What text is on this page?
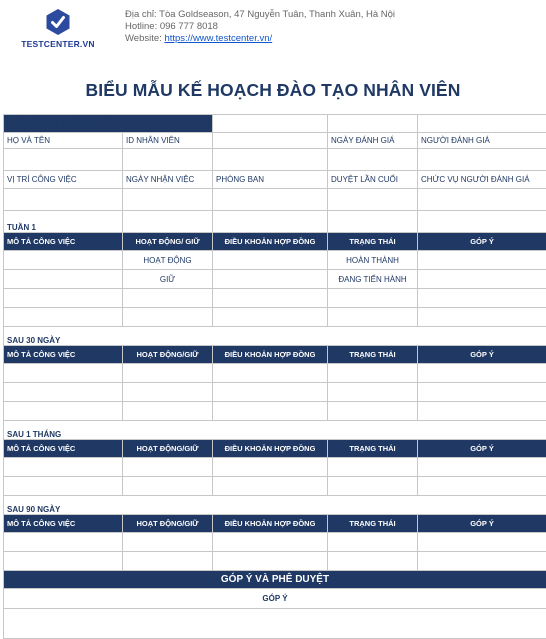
TESTCENTER.VN
Địa chỉ: Tòa Goldseason, 47 Nguyễn Tuân, Thanh Xuân, Hà Nội
Hotline: 096 777 8018
Website: https://www.testcenter.vn/
BIỂU MẪU KẾ HOẠCH ĐÀO TẠO NHÂN VIÊN
THÔNG TIN NHÂN VIÊN				
HỌ VÀ TÊN	ID NHÂN VIÊN		NGÀY ĐÁNH GIÁ	NGƯỜI ĐÁNH GIÁ

VỊ TRÍ CÔNG VIỆC	NGÀY NHẬN VIỆC	PHÒNG BAN	DUYỆT LẦN CUỐI	CHỨC VỤ NGƯỜI ĐÁNH GIÁ

TUẦN 1				
MÔ TẢ CÔNG VIỆC	HOẠT ĐỘNG/ GIỮ	ĐIỀU KHOẢN HỢP ĐỒNG	TRẠNG THÁI	GÓP Ý
	HOẠT ĐỘNG		HOÀN THÀNH	
	GIỮ		ĐANG TIẾN HÀNH	

SAU 30 NGÀY				
MÔ TẢ CÔNG VIỆC	HOẠT ĐỘNG/GIỮ	ĐIỀU KHOẢN HỢP ĐỒNG	TRẠNG THÁI	GÓP Ý

SAU 1 THÁNG				
MÔ TẢ CÔNG VIỆC	HOẠT ĐỘNG/GIỮ	ĐIỀU KHOẢN HỢP ĐỒNG	TRẠNG THÁI	GÓP Ý

SAU 90 NGÀY				
MÔ TẢ CÔNG VIỆC	HOẠT ĐỘNG/GIỮ	ĐIỀU KHOẢN HỢP ĐỒNG	TRẠNG THÁI	GÓP Ý

GÓP Ý VÀ PHÊ DUYỆT				
GÓP Ý				
